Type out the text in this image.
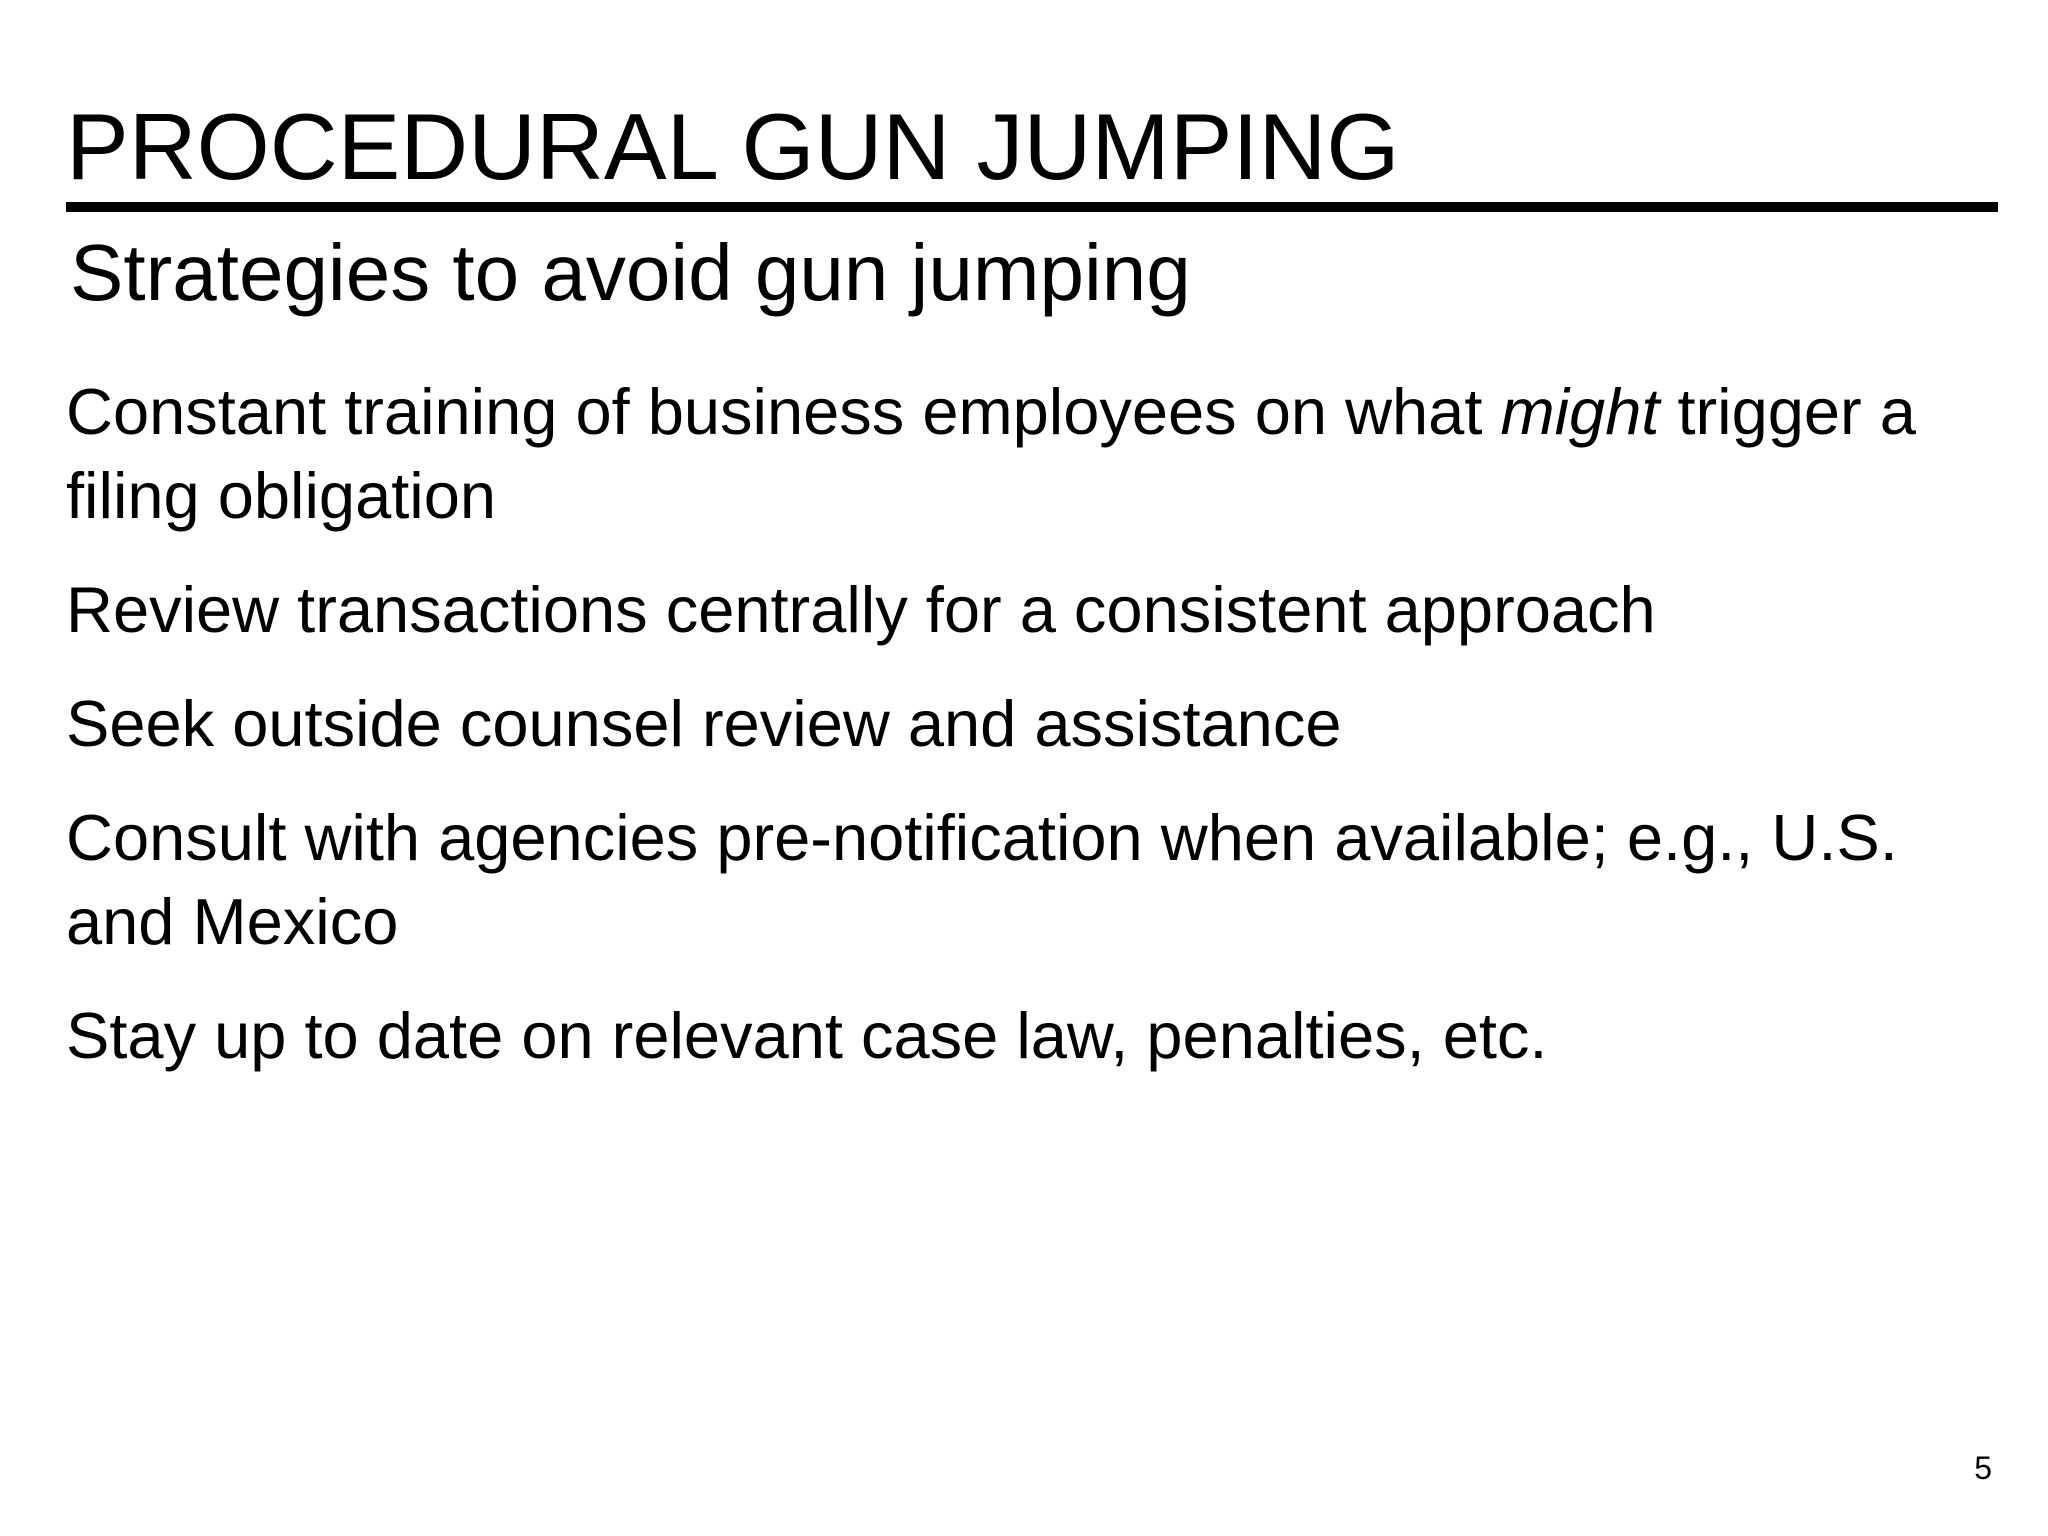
PROCEDURAL GUN JUMPING
Strategies to avoid gun jumping
Constant training of business employees on what might trigger a filing obligation
Review transactions centrally for a consistent approach
Seek outside counsel review and assistance
Consult with agencies pre-notification when available; e.g., U.S. and Mexico
Stay up to date on relevant case law, penalties, etc.
5
